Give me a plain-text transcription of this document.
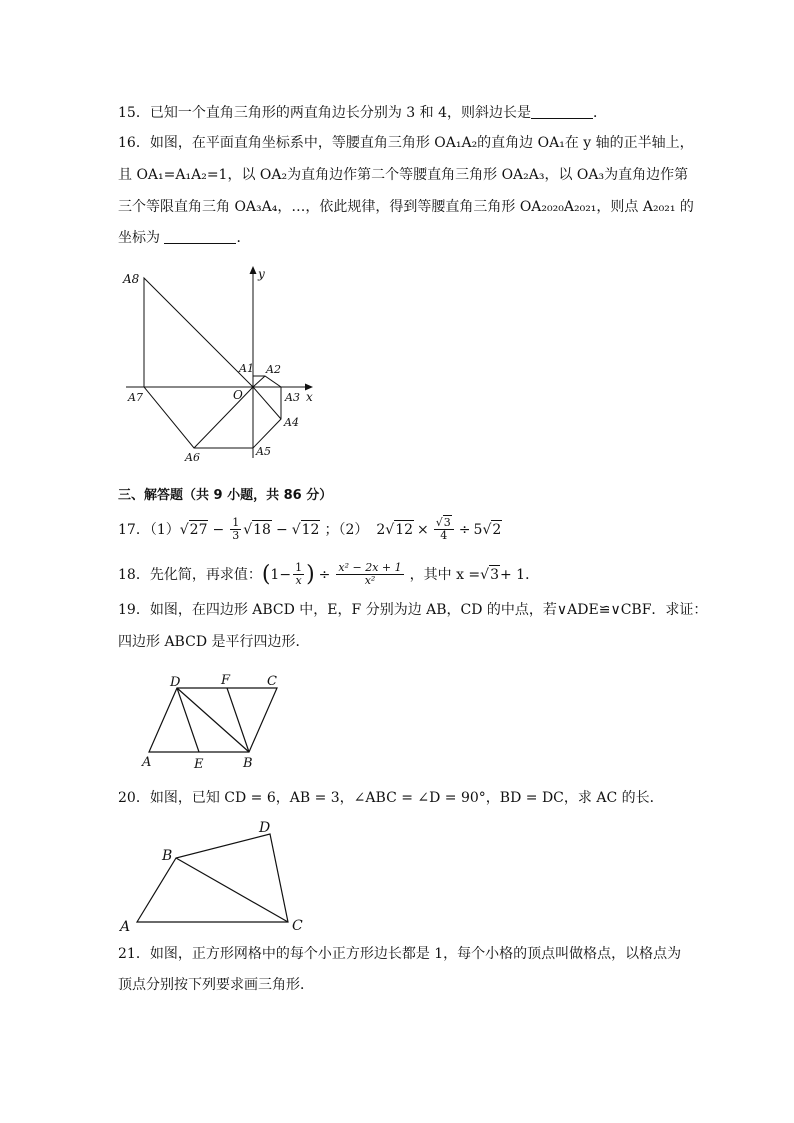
15．已知一个直角三角形的两直角边长分别为 3 和 4，则斜边长是	．
16．如图，在平面直角坐标系中，等腰直角三角形 OA₁A₂的直角边 OA₁在 y 轴的正半轴上，
且 OA₁=A₁A₂=1，以 OA₂为直角边作第二个等腰直角三角形 OA₂A₃，以 OA₃为直角边作第
三个等限直角三角 OA₃A₄，…，依此规律，得到等腰直角三角形 OA₂₀₂₀A₂₀₂₁，则点 A₂₀₂₁ 的
坐标为	．
A8	y
A1 A2
O	A3 x
A7
A4
A6	A5
三、解答题（共 9 小题，共 86 分）
17．（1） √ $27 - \frac{1}{3}$ √ 18 − √ 12 ；（2） 2 √ $12 \times \frac{√3}{4} \div 5$ √ 2
18．先化简，再求值： ( $1- \frac{1}{x}$ ) ÷ $\frac{\text{x² − 2x + 1}}{\text{x²}}$ ，其中 x = √ 3 + 1．
19．如图，在四边形 ABCD 中，E，F 分别为边 AB，CD 的中点，若∨ADE≌∨CBF．求证：
四边形 ABCD 是平行四边形．
D	F	C
A	E	B
20．如图，已知 CD = 6，AB = 3，∠ABC = ∠D = 90°，BD = DC，求 AC 的长．
D
B
A	C
21．如图，正方形网格中的每个小正方形边长都是 1，每个小格的顶点叫做格点，以格点为
顶点分别按下列要求画三角形．
